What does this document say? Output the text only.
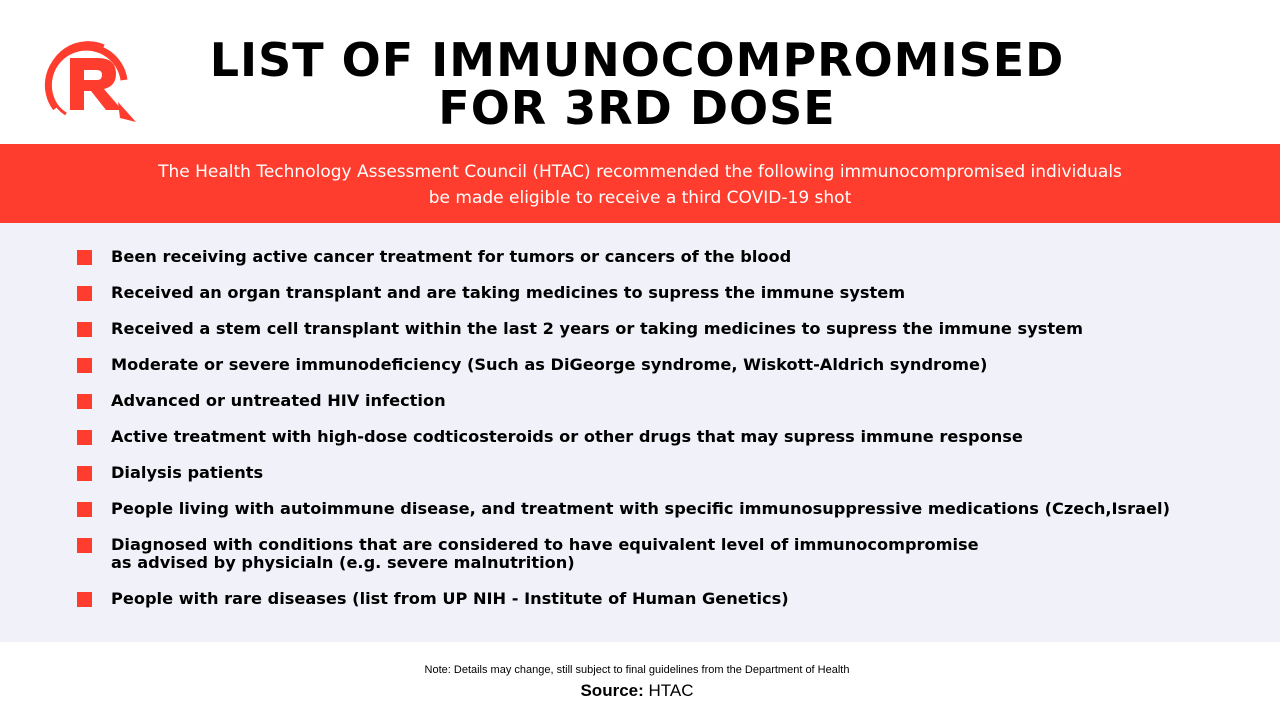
LIST OF IMMUNOCOMPROMISED
FOR 3RD DOSE
The Health Technology Assessment Council (HTAC) recommended the following immunocompromised individuals
be made eligible to receive a third COVID-19 shot
Been receiving active cancer treatment for tumors or cancers of the blood
Received an organ transplant and are taking medicines to supress the immune system
Received a stem cell transplant within the last 2 years or taking medicines to supress the immune system
Moderate or severe immunodeficiency (Such as DiGeorge syndrome, Wiskott-Aldrich syndrome)
Advanced or untreated HIV infection
Active treatment with high-dose codticosteroids or other drugs that may supress immune response
Dialysis patients
People living with autoimmune disease, and treatment with specific immunosuppressive medications (Czech,Israel)
Diagnosed with conditions that are considered to have equivalent level of immunocompromise
as advised by physicialn (e.g. severe malnutrition)
People with rare diseases (list from UP NIH - Institute of Human Genetics)
Note: Details may change, still subject to final guidelines from the Department of Health
Source: HTAC
